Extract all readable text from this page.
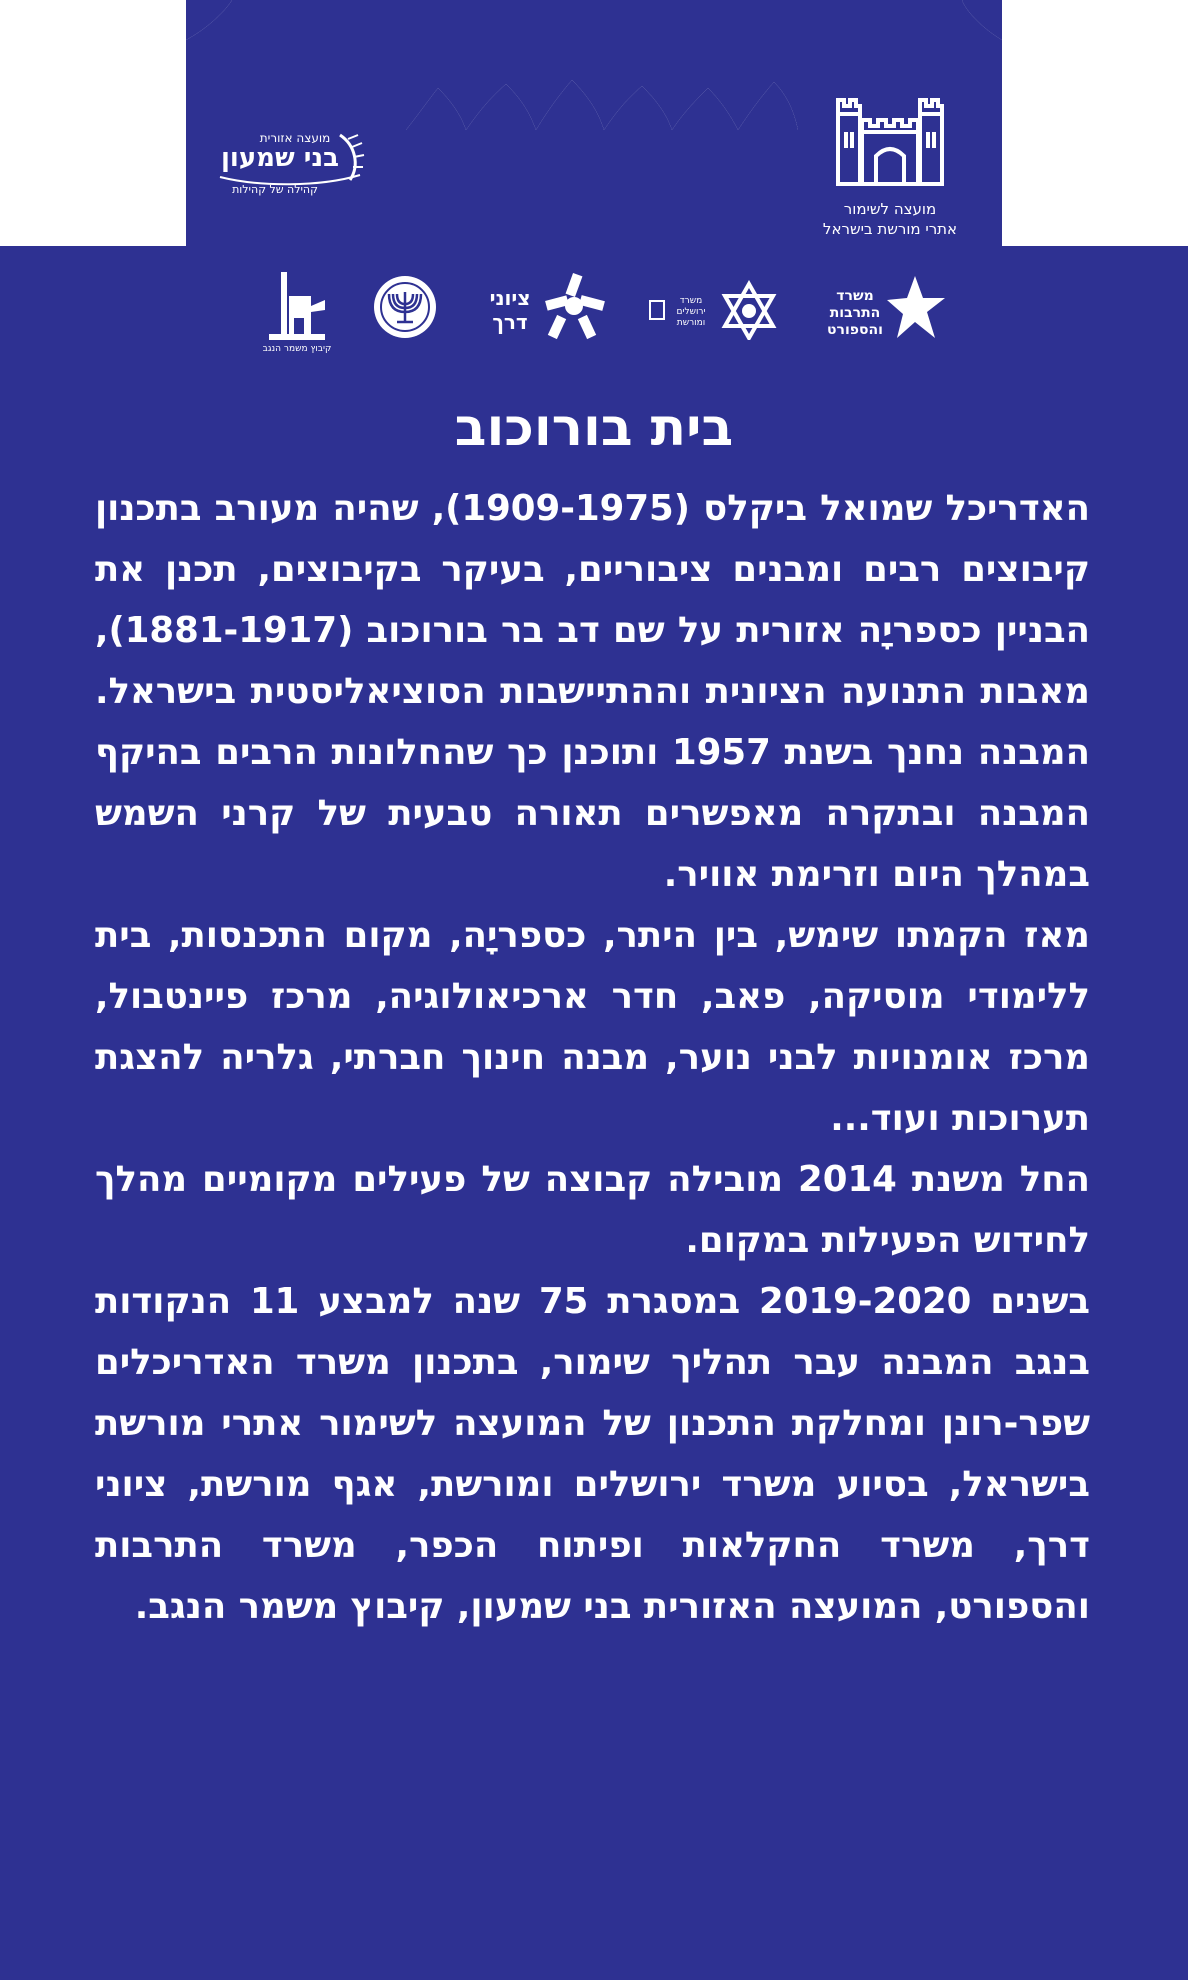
מועצה אזורית
בני שמעון
קהילה של קהילות
מועצה לשימור
אתרי מורשת בישראל
משרד התרבות והספורט
משרד ירושלים ומורשת
ציוני דרך
קיבוץ משמר הנגב
בית בורוכוב

האדריכל שמואל ביקלס (1909-1975), שהיה מעורב בתכנון קיבוצים רבים ומבנים ציבוריים, בעיקר בקיבוצים, תכנן את הבניין כספריָה אזורית על שם דב בר בורוכוב (1881-1917), מאבות התנועה הציונית וההתיישבות הסוציאליסטית בישראל. המבנה נחנך בשנת 1957 ותוכנן כך שהחלונות הרבים בהיקף המבנה ובתקרה מאפשרים תאורה טבעית של קרני השמש במהלך היום וזרימת אוויר.

מאז הקמתו שימש, בין היתר, כספריָה, מקום התכנסות, בית ללימודי מוסיקה, פאב, חדר ארכיאולוגיה, מרכז פיינטבול, מרכז אומנויות לבני נוער, מבנה חינוך חברתי, גלריה להצגת תערוכות ועוד...

החל משנת 2014 מובילה קבוצה של פעילים מקומיים מהלך לחידוש הפעילות במקום.

בשנים 2019-2020 במסגרת 75 שנה למבצע 11 הנקודות בנגב המבנה עבר תהליך שימור, בתכנון משרד האדריכלים שפר-רונן ומחלקת התכנון של המועצה לשימור אתרי מורשת בישראל, בסיוע משרד ירושלים ומורשת, אגף מורשת, ציוני דרך, משרד החקלאות ופיתוח הכפר, משרד התרבות והספורט, המועצה האזורית בני שמעון, קיבוץ משמר הנגב.
